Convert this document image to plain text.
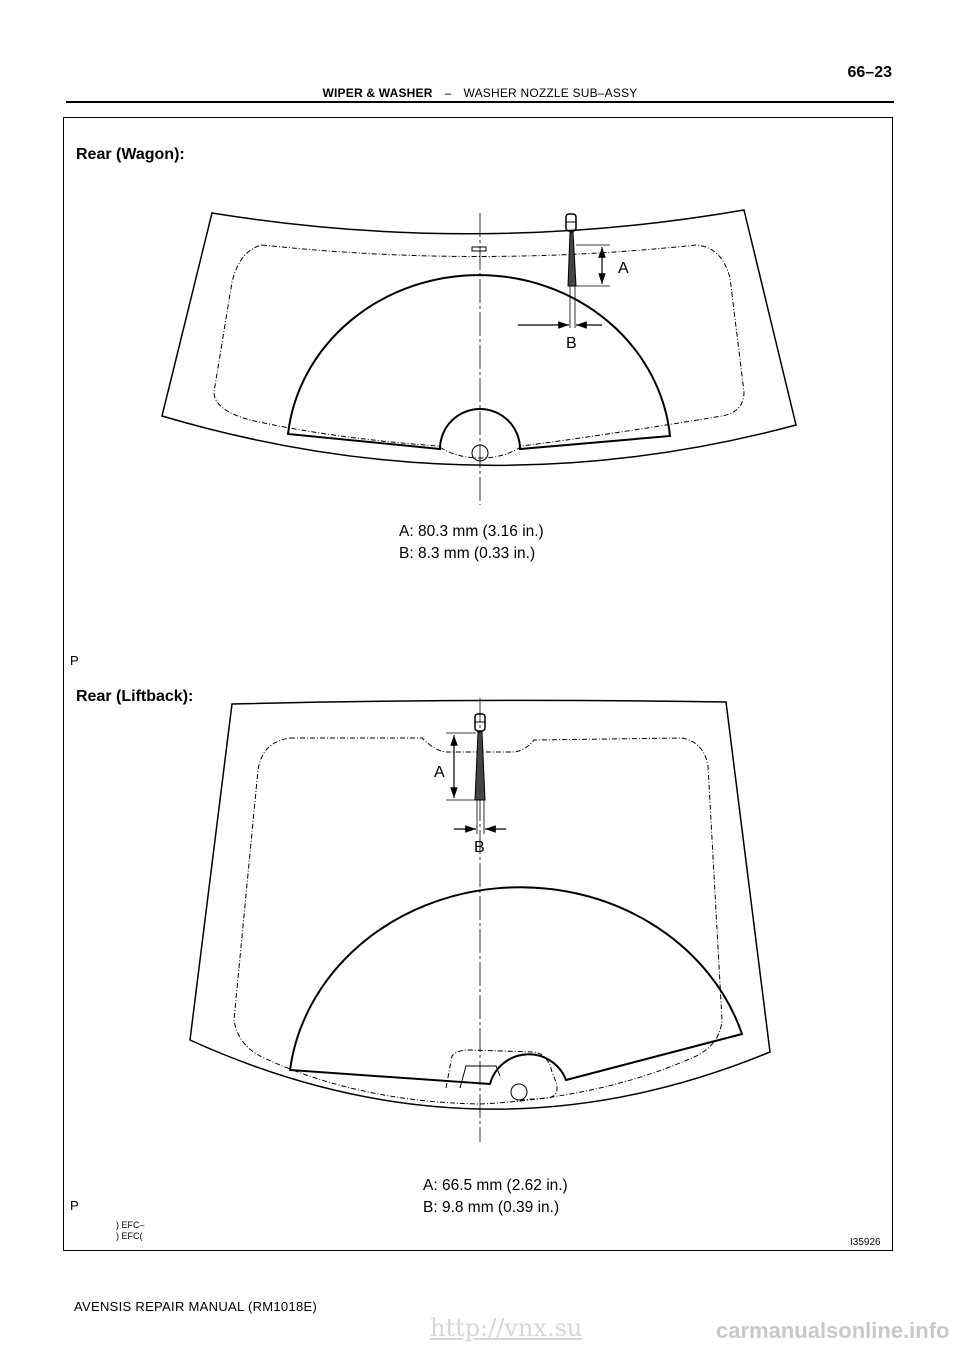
66–23
WIPER & WASHER – WASHER NOZZLE SUB–ASSY
A
B
A
B
Rear (Wagon):
A: 80.3 mm (3.16 in.)
B: 8.3 mm (0.33 in.)
P
Rear (Liftback):
A: 66.5 mm (2.62 in.)
B: 9.8 mm (0.39 in.)
P
) EFC–
) EFC(
I35926
AVENSIS REPAIR MANUAL (RM1018E)
http://vnx.su	carmanualsonline.info
